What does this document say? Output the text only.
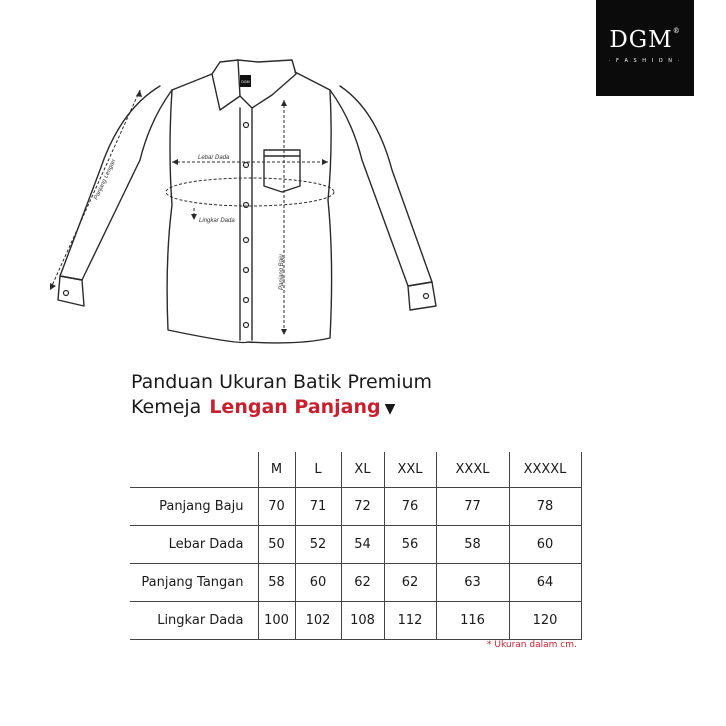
DGM®
· F A S H I O N ·
DGM
Lebar Dada
Lingkar Dada
Panjang Lengan
Panjang Baju
Panduan Ukuran Batik Premium
Kemeja Lengan Panjang ▼
	M	L	XL	XXL	XXXL	XXXXL
Panjang Baju	70	71	72	76	77	78
Lebar Dada	50	52	54	56	58	60
Panjang Tangan	58	60	62	62	63	64
Lingkar Dada	100	102	108	112	116	120
* Ukuran dalam cm.
